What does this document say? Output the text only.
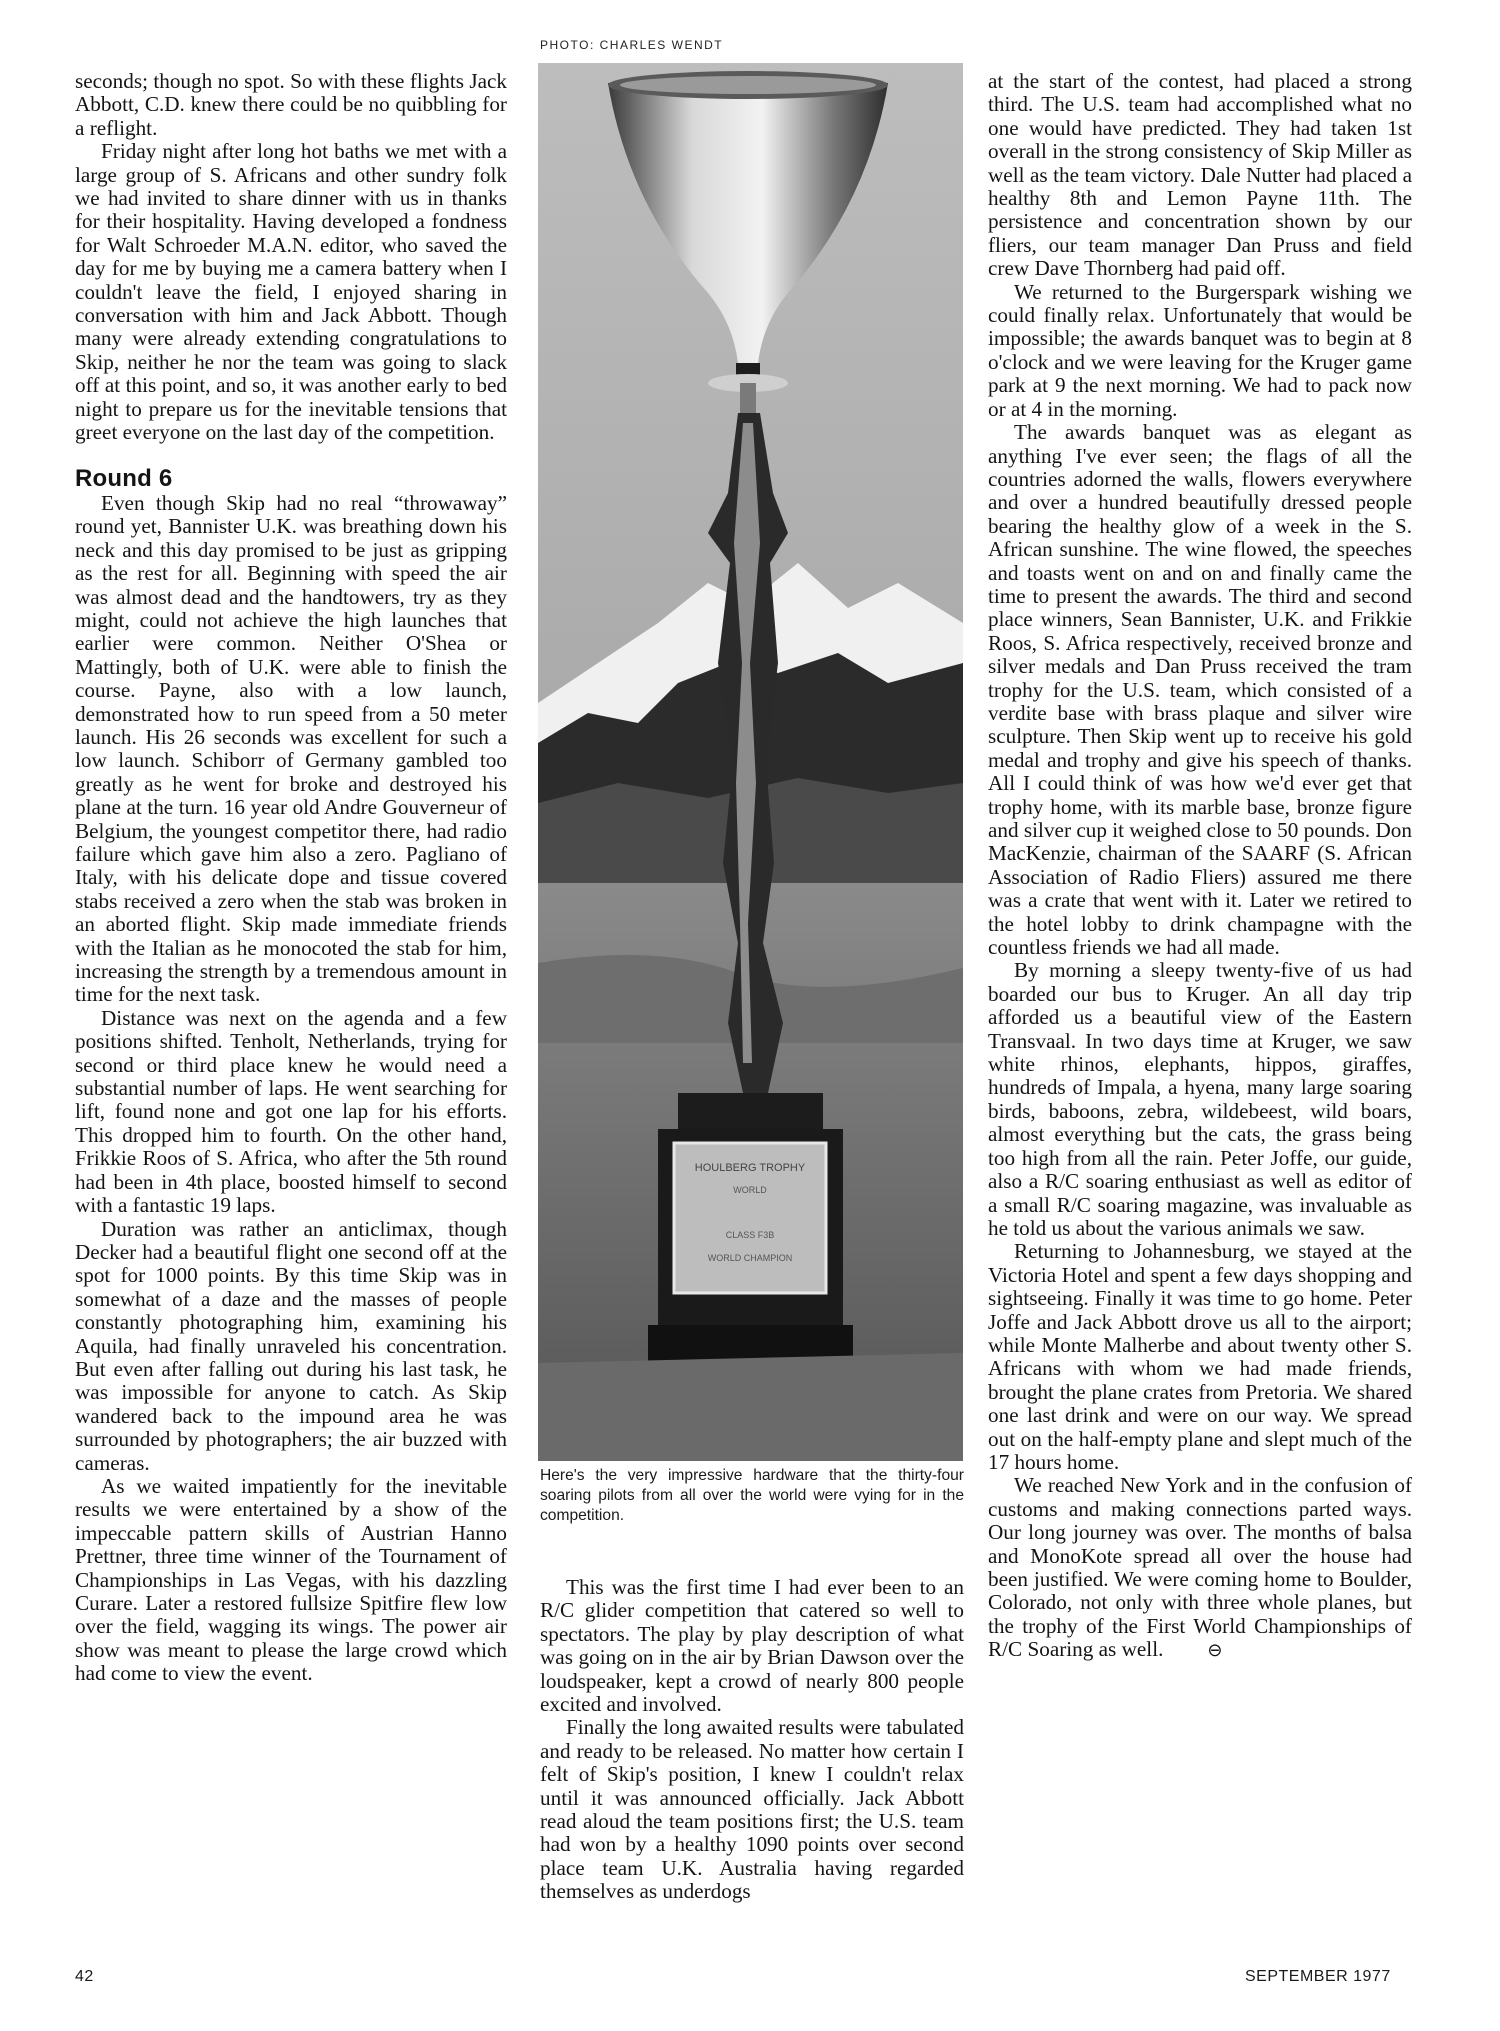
PHOTO: CHARLES WENDT

seconds; though no spot. So with these flights Jack Abbott, C.D. knew there could be no quibbling for a reflight.

Friday night after long hot baths we met with a large group of S. Africans and other sundry folk we had invited to share dinner with us in thanks for their hospitality. Having developed a fondness for Walt Schroeder M.A.N. editor, who saved the day for me by buying me a camera battery when I couldn't leave the field, I enjoyed sharing in conversation with him and Jack Abbott. Though many were already extending congratulations to Skip, neither he nor the team was going to slack off at this point, and so, it was another early to bed night to prepare us for the inevitable tensions that greet everyone on the last day of the competition.

Round 6

Even though Skip had no real “throwaway” round yet, Bannister U.K. was breathing down his neck and this day promised to be just as gripping as the rest for all. Beginning with speed the air was almost dead and the handtowers, try as they might, could not achieve the high launches that earlier were common. Neither O'Shea or Mattingly, both of U.K. were able to finish the course. Payne, also with a low launch, demonstrated how to run speed from a 50 meter launch. His 26 seconds was excellent for such a low launch. Schiborr of Germany gambled too greatly as he went for broke and destroyed his plane at the turn. 16 year old Andre Gouverneur of Belgium, the youngest competitor there, had radio failure which gave him also a zero. Pagliano of Italy, with his delicate dope and tissue covered stabs received a zero when the stab was broken in an aborted flight. Skip made immediate friends with the Italian as he monocoted the stab for him, increasing the strength by a tremendous amount in time for the next task.

Distance was next on the agenda and a few positions shifted. Tenholt, Netherlands, trying for second or third place knew he would need a substantial number of laps. He went searching for lift, found none and got one lap for his efforts. This dropped him to fourth. On the other hand, Frikkie Roos of S. Africa, who after the 5th round had been in 4th place, boosted himself to second with a fantastic 19 laps.

Duration was rather an anticlimax, though Decker had a beautiful flight one second off at the spot for 1000 points. By this time Skip was in somewhat of a daze and the masses of people constantly photographing him, examining his Aquila, had finally unraveled his concentration. But even after falling out during his last task, he was impossible for anyone to catch. As Skip wandered back to the impound area he was surrounded by photographers; the air buzzed with cameras.

As we waited impatiently for the inevitable results we were entertained by a show of the impeccable pattern skills of Austrian Hanno Prettner, three time winner of the Tournament of Championships in Las Vegas, with his dazzling Curare. Later a restored fullsize Spitfire flew low over the field, wagging its wings. The power air show was meant to please the large crowd which had come to view the event.

HOULBERG TROPHY
WORLD
CLASS F3B
WORLD CHAMPION
Here's the very impressive hardware that the thirty-four soaring pilots from all over the world were vying for in the competition.

This was the first time I had ever been to an R/C glider competition that catered so well to spectators. The play by play description of what was going on in the air by Brian Dawson over the loudspeaker, kept a crowd of nearly 800 people excited and involved.

Finally the long awaited results were tabulated and ready to be released. No matter how certain I felt of Skip's position, I knew I couldn't relax until it was announced officially. Jack Abbott read aloud the team positions first; the U.S. team had won by a healthy 1090 points over second place team U.K. Australia having regarded themselves as underdogs

at the start of the contest, had placed a strong third. The U.S. team had accomplished what no one would have predicted. They had taken 1st overall in the strong consistency of Skip Miller as well as the team victory. Dale Nutter had placed a healthy 8th and Lemon Payne 11th. The persistence and concentration shown by our fliers, our team manager Dan Pruss and field crew Dave Thornberg had paid off.

We returned to the Burgerspark wishing we could finally relax. Unfortunately that would be impossible; the awards banquet was to begin at 8 o'clock and we were leaving for the Kruger game park at 9 the next morning. We had to pack now or at 4 in the morning.

The awards banquet was as elegant as anything I've ever seen; the flags of all the countries adorned the walls, flowers everywhere and over a hundred beautifully dressed people bearing the healthy glow of a week in the S. African sunshine. The wine flowed, the speeches and toasts went on and on and finally came the time to present the awards. The third and second place winners, Sean Bannister, U.K. and Frikkie Roos, S. Africa respectively, received bronze and silver medals and Dan Pruss received the tram trophy for the U.S. team, which consisted of a verdite base with brass plaque and silver wire sculpture. Then Skip went up to receive his gold medal and trophy and give his speech of thanks. All I could think of was how we'd ever get that trophy home, with its marble base, bronze figure and silver cup it weighed close to 50 pounds. Don MacKenzie, chairman of the SAARF (S. African Association of Radio Fliers) assured me there was a crate that went with it. Later we retired to the hotel lobby to drink champagne with the countless friends we had all made.

By morning a sleepy twenty-five of us had boarded our bus to Kruger. An all day trip afforded us a beautiful view of the Eastern Transvaal. In two days time at Kruger, we saw white rhinos, elephants, hippos, giraffes, hundreds of Impala, a hyena, many large soaring birds, baboons, zebra, wildebeest, wild boars, almost everything but the cats, the grass being too high from all the rain. Peter Joffe, our guide, also a R/C soaring enthusiast as well as editor of a small R/C soaring magazine, was invaluable as he told us about the various animals we saw.

Returning to Johannesburg, we stayed at the Victoria Hotel and spent a few days shopping and sightseeing. Finally it was time to go home. Peter Joffe and Jack Abbott drove us all to the airport; while Monte Malherbe and about twenty other S. Africans with whom we had made friends, brought the plane crates from Pretoria. We shared one last drink and were on our way. We spread out on the half-empty plane and slept much of the 17 hours home.

We reached New York and in the confusion of customs and making connections parted ways. Our long journey was over. The months of balsa and MonoKote spread all over the house had been justified. We were coming home to Boulder, Colorado, not only with three whole planes, but the trophy of the First World Championships of R/C Soaring as well. ⊖

42	SEPTEMBER 1977
